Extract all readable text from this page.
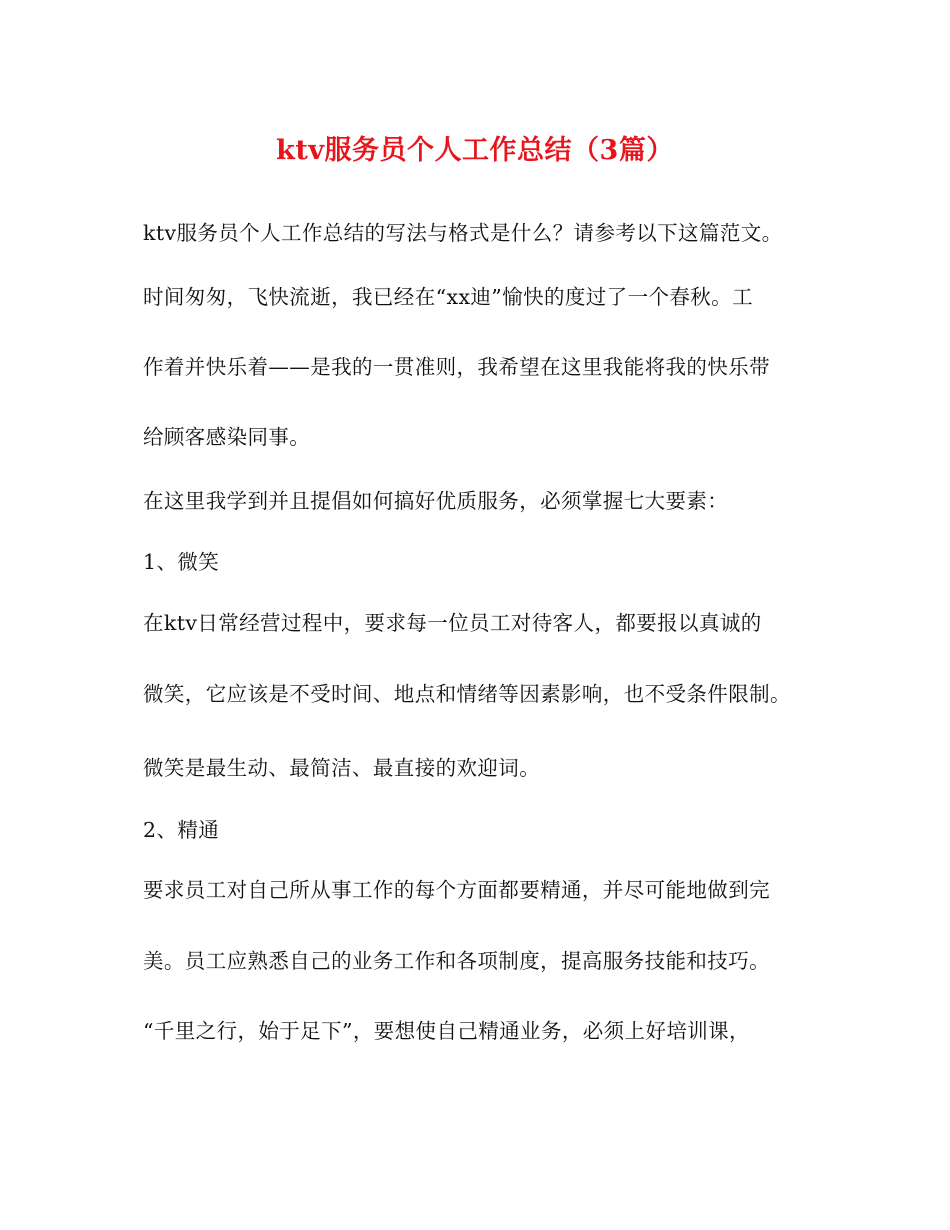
ktv服务员个人工作总结（3篇）

ktv服务员个人工作总结的写法与格式是什么？请参考以下这篇范文。

时间匆匆，飞快流逝，我已经在“xx迪”愉快的度过了一个春秋。工

作着并快乐着——是我的一贯准则，我希望在这里我能将我的快乐带

给顾客感染同事。

在这里我学到并且提倡如何搞好优质服务，必须掌握七大要素：

1、微笑

在ktv日常经营过程中，要求每一位员工对待客人，都要报以真诚的

微笑，它应该是不受时间、地点和情绪等因素影响，也不受条件限制。

微笑是最生动、最简洁、最直接的欢迎词。

2、精通

要求员工对自己所从事工作的每个方面都要精通，并尽可能地做到完

美。员工应熟悉自己的业务工作和各项制度，提高服务技能和技巧。

“千里之行，始于足下”，要想使自己精通业务，必须上好培训课，
